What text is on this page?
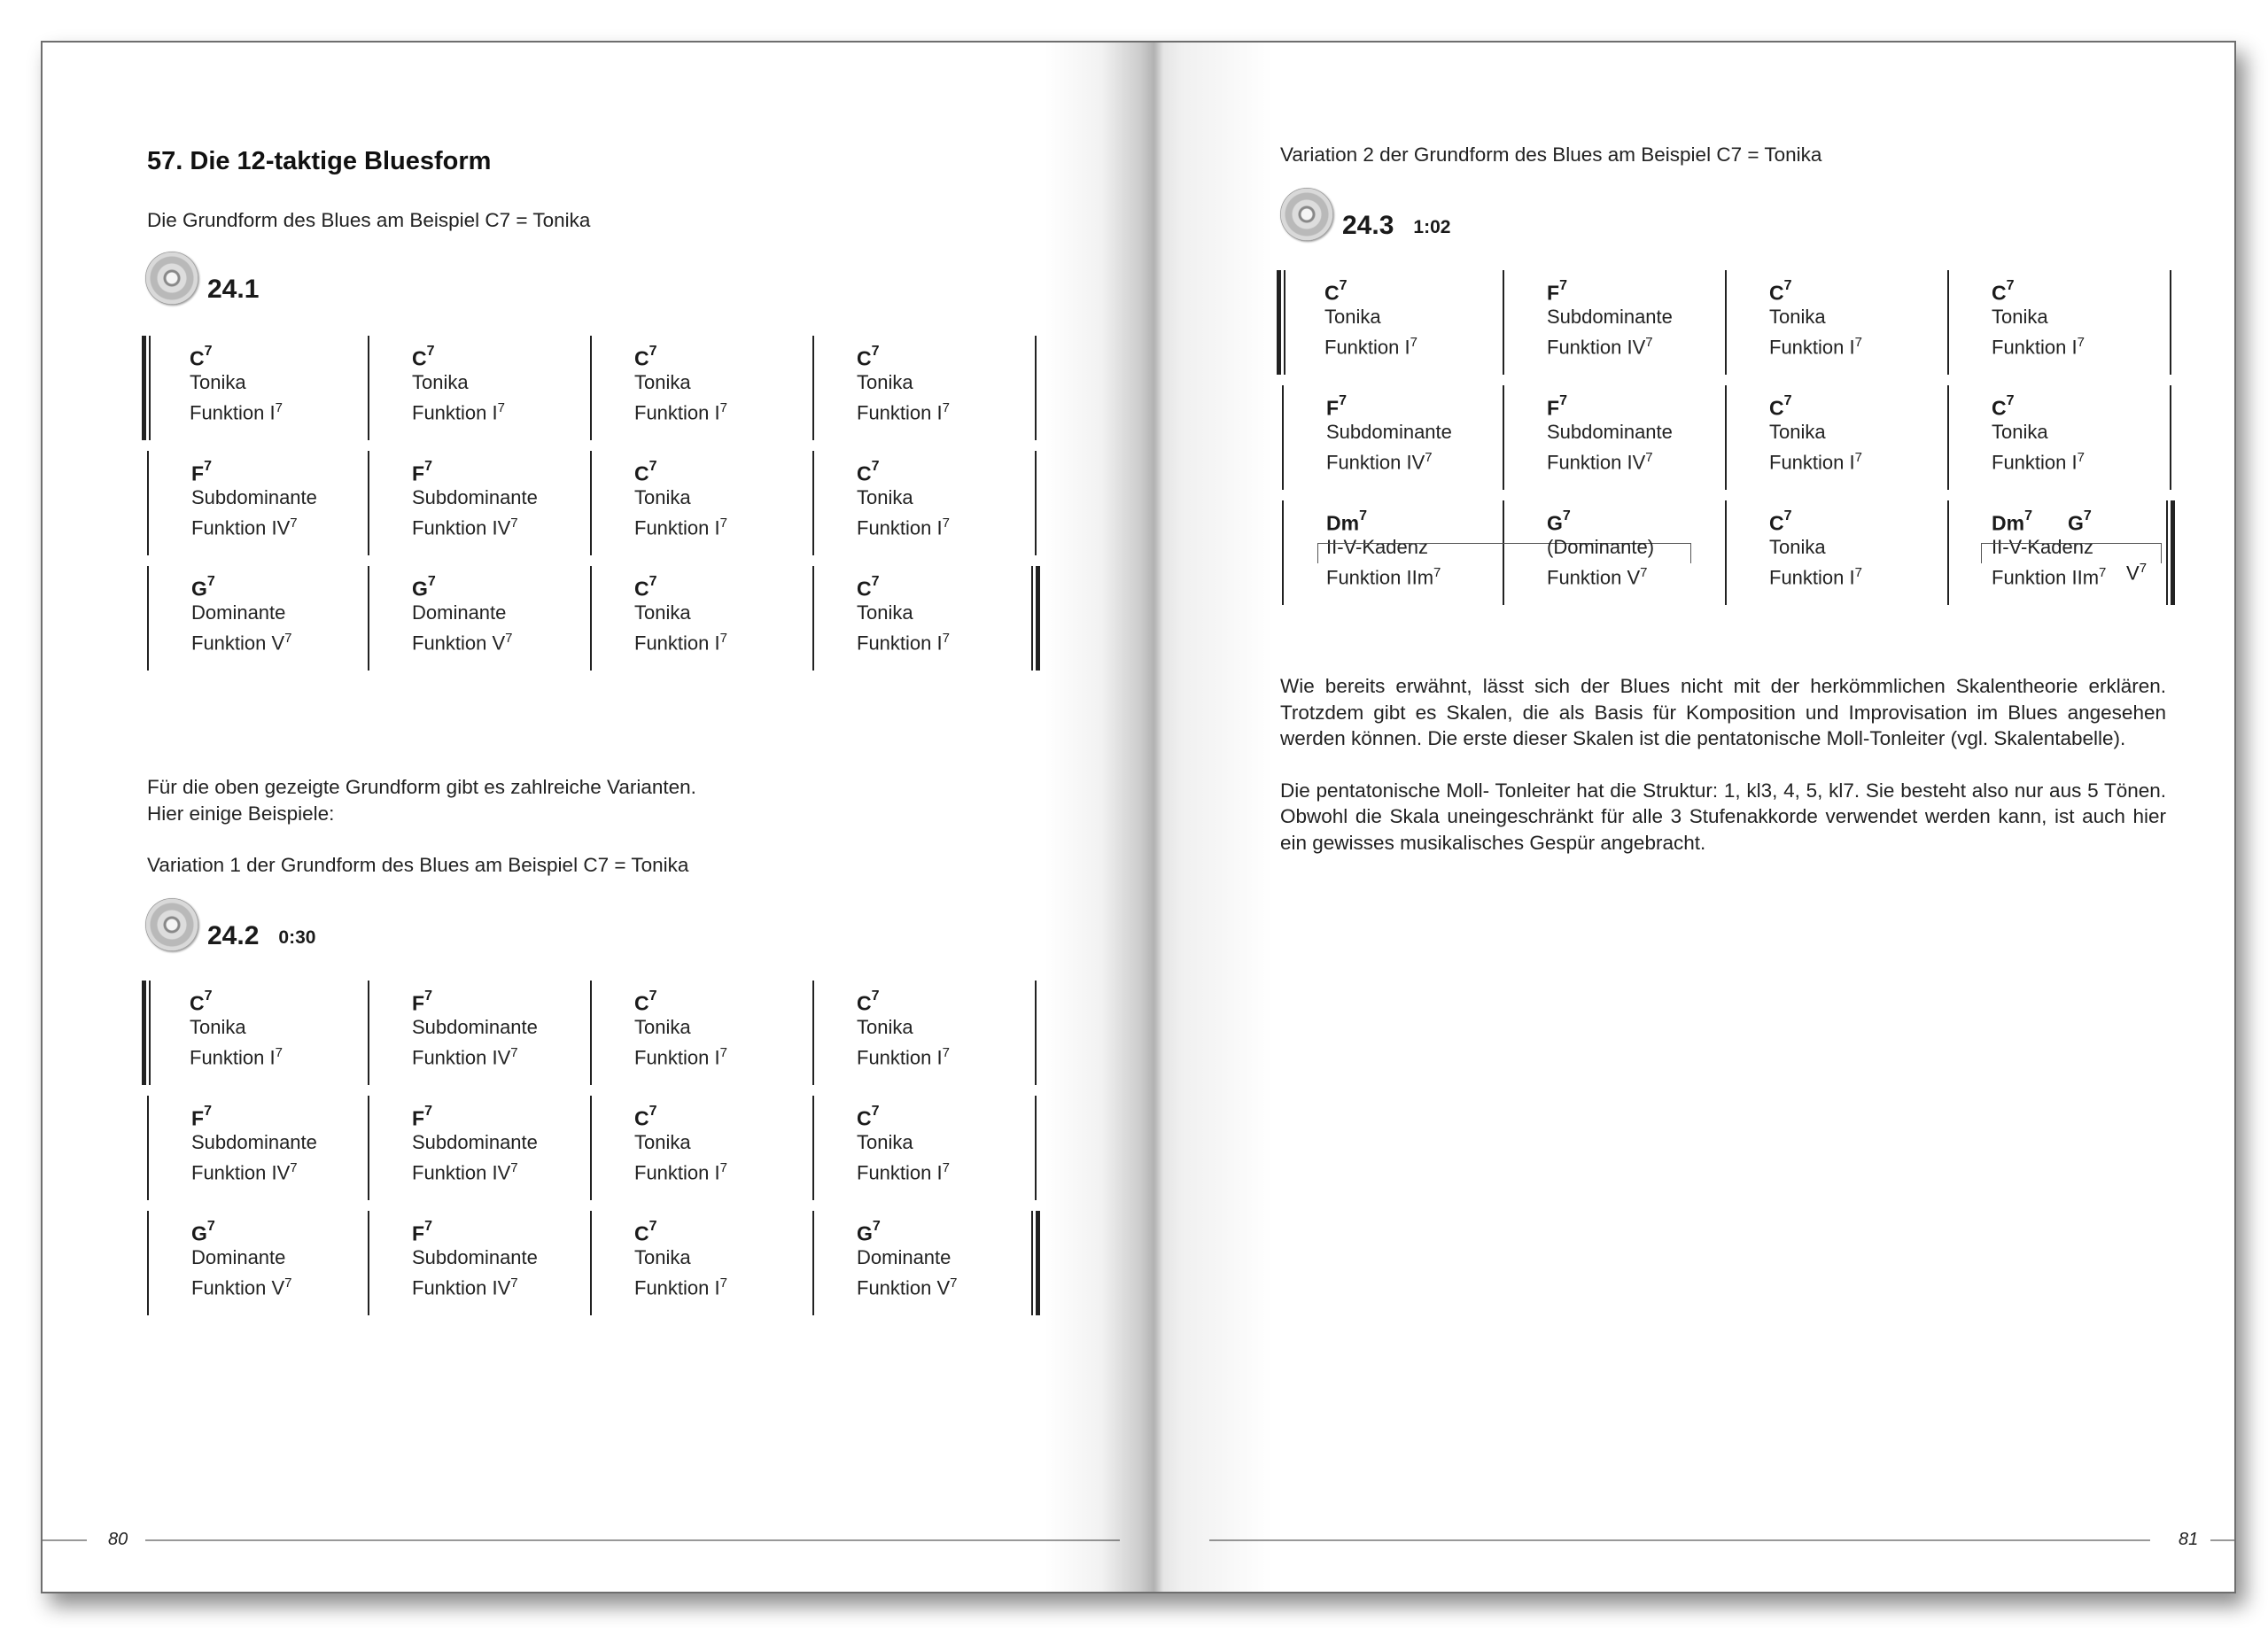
57. Die 12-taktige Bluesform
Die Grundform des Blues am Beispiel C7 = Tonika
24.1
$C^7$
Tonika
Funktion $I^7$
$C^7$
Tonika
Funktion $I^7$
$C^7$
Tonika
Funktion $I^7$
$C^7$
Tonika
Funktion $I^7$
$F^7$
Subdominante
Funktion $IV^7$
$F^7$
Subdominante
Funktion $IV^7$
$C^7$
Tonika
Funktion $I^7$
$C^7$
Tonika
Funktion $I^7$
$G^7$
Dominante
Funktion $V^7$
$G^7$
Dominante
Funktion $V^7$
$C^7$
Tonika
Funktion $I^7$
$C^7$
Tonika
Funktion $I^7$
Für die oben gezeigte Grundform gibt es zahlreiche Varianten.
Hier einige Beispiele:
Variation 1 der Grundform des Blues am Beispiel C7 = Tonika
24.2 0:30
$C^7$
Tonika
Funktion $I^7$
$F^7$
Subdominante
Funktion $IV^7$
$C^7$
Tonika
Funktion $I^7$
$C^7$
Tonika
Funktion $I^7$
$F^7$
Subdominante
Funktion $IV^7$
$F^7$
Subdominante
Funktion $IV^7$
$C^7$
Tonika
Funktion $I^7$
$C^7$
Tonika
Funktion $I^7$
$G^7$
Dominante
Funktion $V^7$
$F^7$
Subdominante
Funktion $IV^7$
$C^7$
Tonika
Funktion $I^7$
$G^7$
Dominante
Funktion $V^7$
80
Variation 2 der Grundform des Blues am Beispiel C7 = Tonika
24.3 1:02
$C^7$
Tonika
Funktion $I^7$
$F^7$
Subdominante
Funktion $IV^7$
$C^7$
Tonika
Funktion $I^7$
$C^7$
Tonika
Funktion $I^7$
$F^7$
Subdominante
Funktion $IV^7$
$F^7$
Subdominante
Funktion $IV^7$
$C^7$
Tonika
Funktion $I^7$
$C^7$
Tonika
Funktion $I^7$
Dm$^7$
II-V-Kadenz
Funktion IIm$^7$
$G^7$
(Dominante)
Funktion $V^7$
$C^7$
Tonika
Funktion $I^7$
Dm$^7$ $G^7$
II-V-Kadenz
Funktion IIm$^7$	$V^7$

Wie bereits erwähnt, lässt sich der Blues nicht mit der herkömmlichen Skalentheorie erklären. Trotzdem gibt es Skalen, die als Basis für Komposition und Improvisation im Blues angesehen werden können. Die erste dieser Skalen ist die pentatonische Moll-Tonleiter (vgl. Skalentabelle).

Die pentatonische Moll- Tonleiter hat die Struktur: 1, kl3, 4, 5, kl7. Sie besteht also nur aus 5 Tönen. Obwohl die Skala uneingeschränkt für alle 3 Stufenakkorde verwendet werden kann, ist auch hier ein gewisses musikalisches Gespür angebracht.

81
